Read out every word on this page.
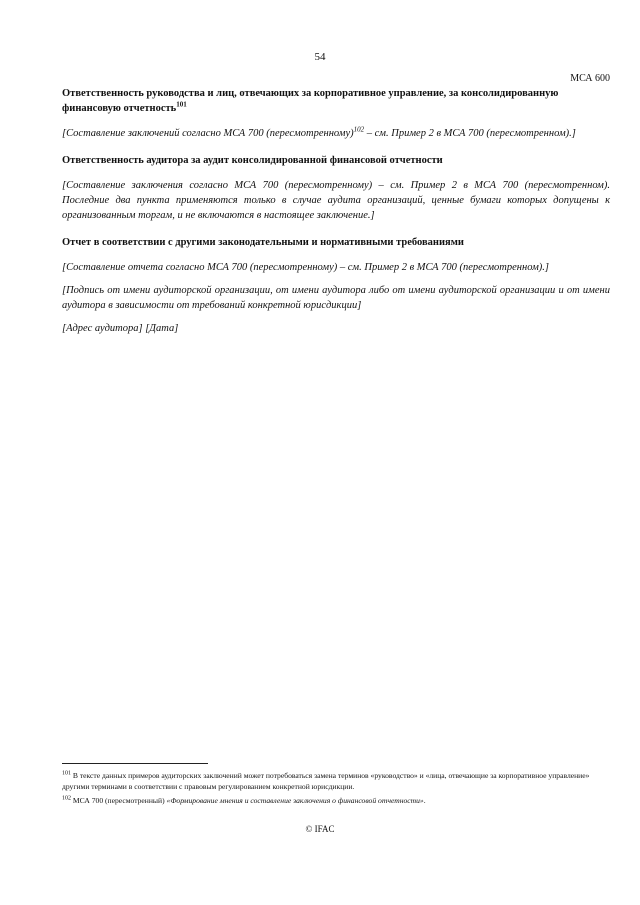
54
МСА 600

Ответственность руководства и лиц, отвечающих за корпоративное управление, за консолидированную финансовую отчетность$^{101}$

[Составление заключений согласно МСА 700 (пересмотренному)$^{102}$ – см. Пример 2 в МСА 700 (пересмотренном).]

Ответственность аудитора за аудит консолидированной финансовой отчетности

[Составление заключения согласно МСА 700 (пересмотренному) – см. Пример 2 в МСА 700 (пересмотренном). Последние два пункта применяются только в случае аудита организаций, ценные бумаги которых допущены к организованным торгам, и не включаются в настоящее заключение.]

Отчет в соответствии с другими законодательными и нормативными требованиями

[Составление отчета согласно МСА 700 (пересмотренному) – см. Пример 2 в МСА 700 (пересмотренном).]

[Подпись от имени аудиторской организации, от имени аудитора либо от имени аудиторской организации и от имени аудитора в зависимости от требований конкретной юрисдикции]

[Адрес аудитора] [Дата]

$^{101}$ В тексте данных примеров аудиторских заключений может потребоваться замена терминов «руководство» и «лица, отвечающие за корпоративное управление» другими терминами в соответствии с правовым регулированием конкретной юрисдикции.

$^{102}$ МСА 700 (пересмотренный) «Формирование мнения и составление заключения о финансовой отчетности».

© IFAC
